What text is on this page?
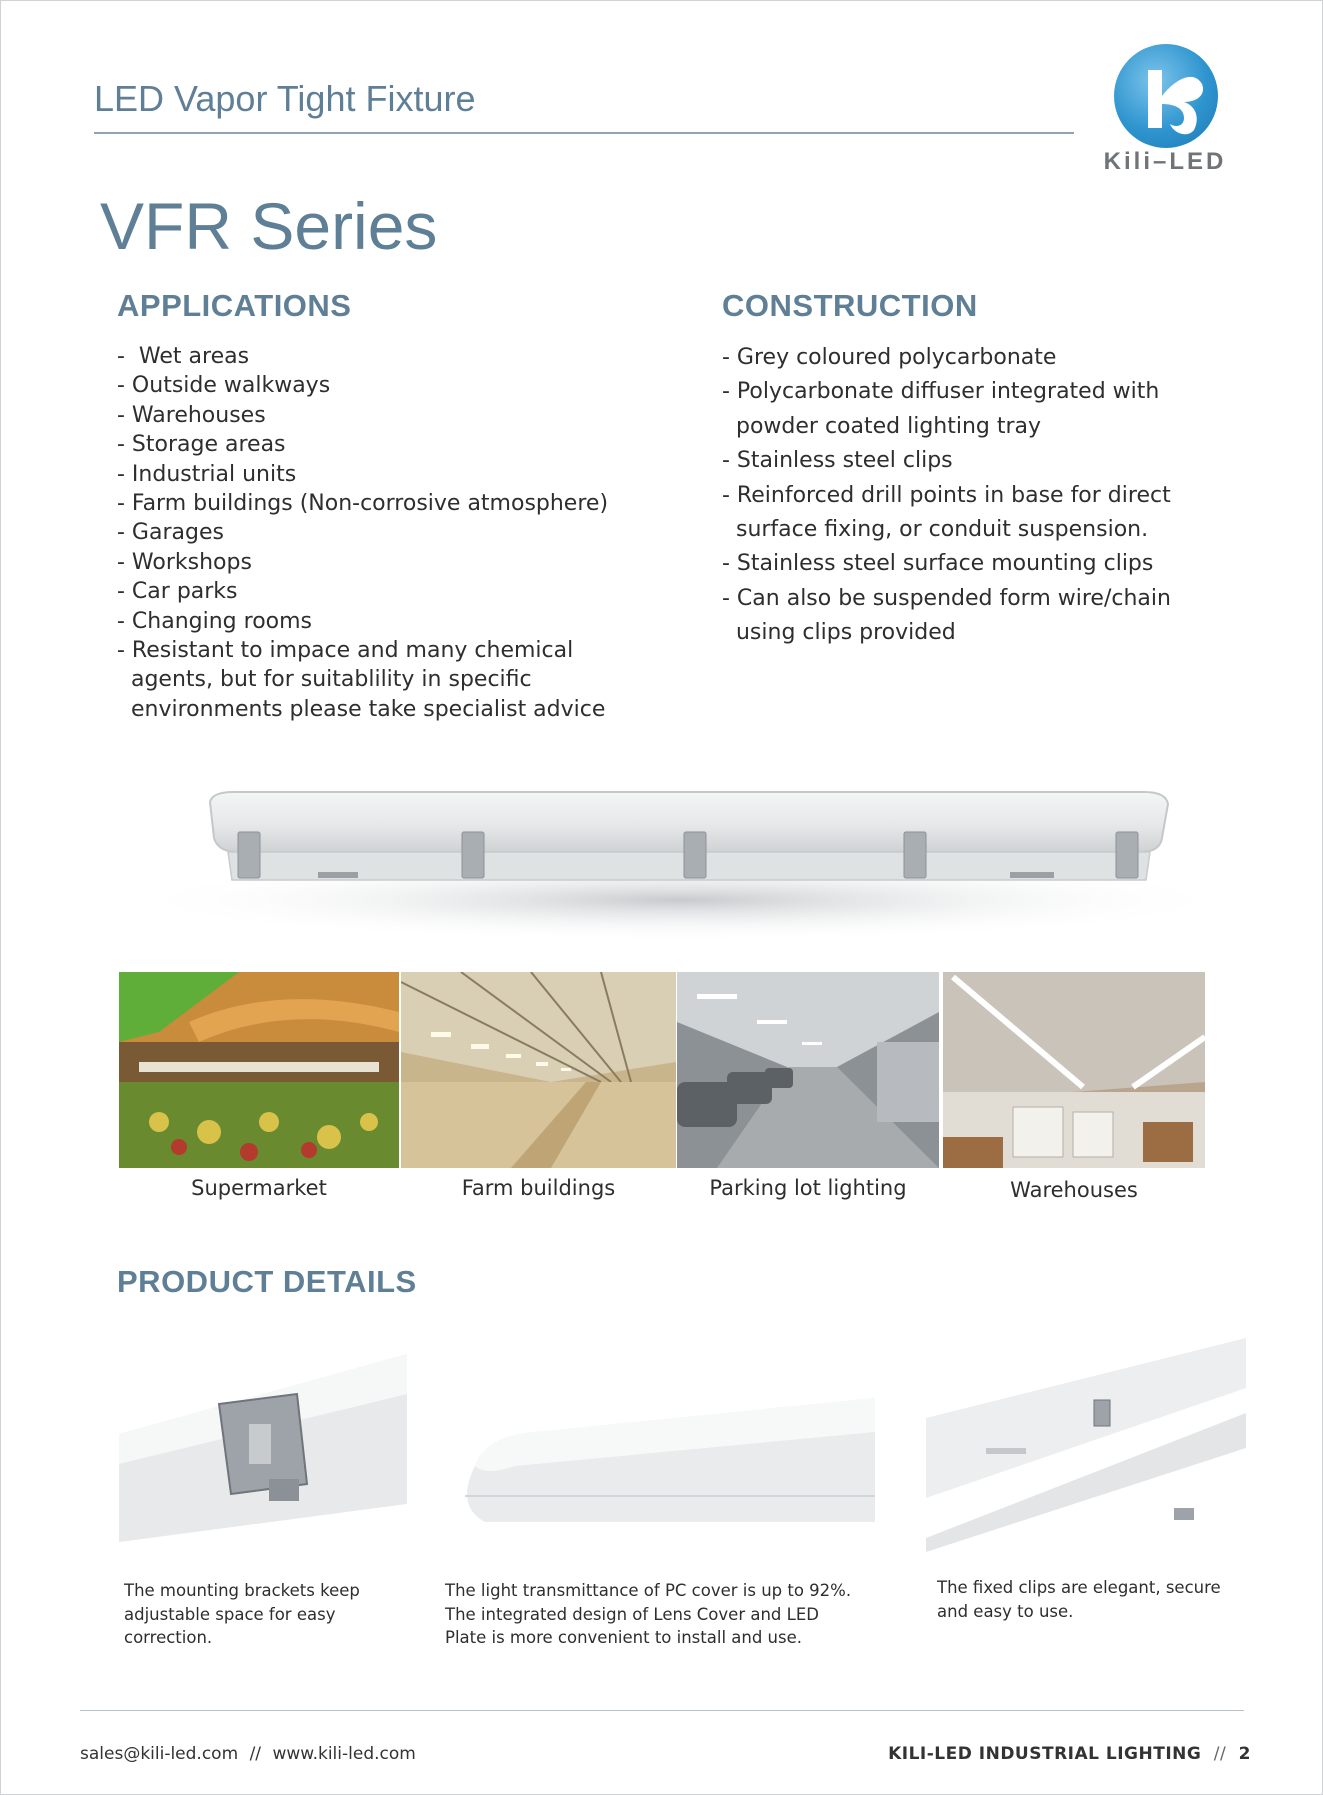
LED Vapor Tight Fixture
Kili–LED
VFR Series
APPLICATIONS
-  Wet areas
- Outside walkways
- Warehouses
- Storage areas
- Industrial units
- Farm buildings (Non-corrosive atmosphere)
- Garages
- Workshops
- Car parks
- Changing rooms
- Resistant to impace and many chemical
agents, but for suitablility in specific
environments please take specialist advice
CONSTRUCTION
- Grey coloured polycarbonate
- Polycarbonate diffuser integrated with
powder coated lighting tray
- Stainless steel clips
- Reinforced drill points in base for direct
surface fixing, or conduit suspension.
- Stainless steel surface mounting clips
- Can also be suspended form wire/chain
using clips provided
Supermarket	Farm buildings	Parking lot lighting	Warehouses
PRODUCT DETAILS
The mounting brackets keep
adjustable space for easy
correction.
The light transmittance of PC cover is up to 92%.
The integrated design of Lens Cover and LED
Plate is more convenient to install and use.
The fixed clips are elegant, secure
and easy to use.
sales@kili-led.com // www.kili-led.com	KILI-LED INDUSTRIAL LIGHTING // 2
